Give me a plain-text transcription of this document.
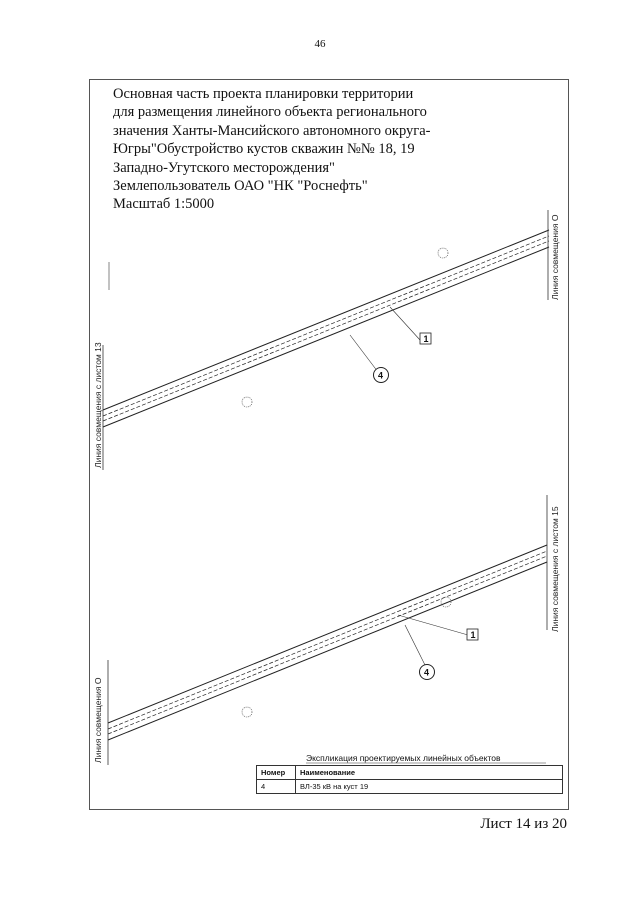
46
Основная часть проекта планировки территории
для размещения линейного объекта регионального
значения Ханты-Мансийского автономного округа-
Югры"Обустройство кустов скважин №№ 18, 19
Западно-Угутского месторождения"
Землепользователь ОАО "НК "Роснефть"
Масштаб 1:5000
Линия совмещения с листом 13
Линия совмещения О
Линия совмещения О
Линия совмещения с листом 15
1
4
1
4
Экспликация проектируемых линейных объектов
Номер	Наименование
4	ВЛ-35 кВ на куст 19
Лист 14 из 20
